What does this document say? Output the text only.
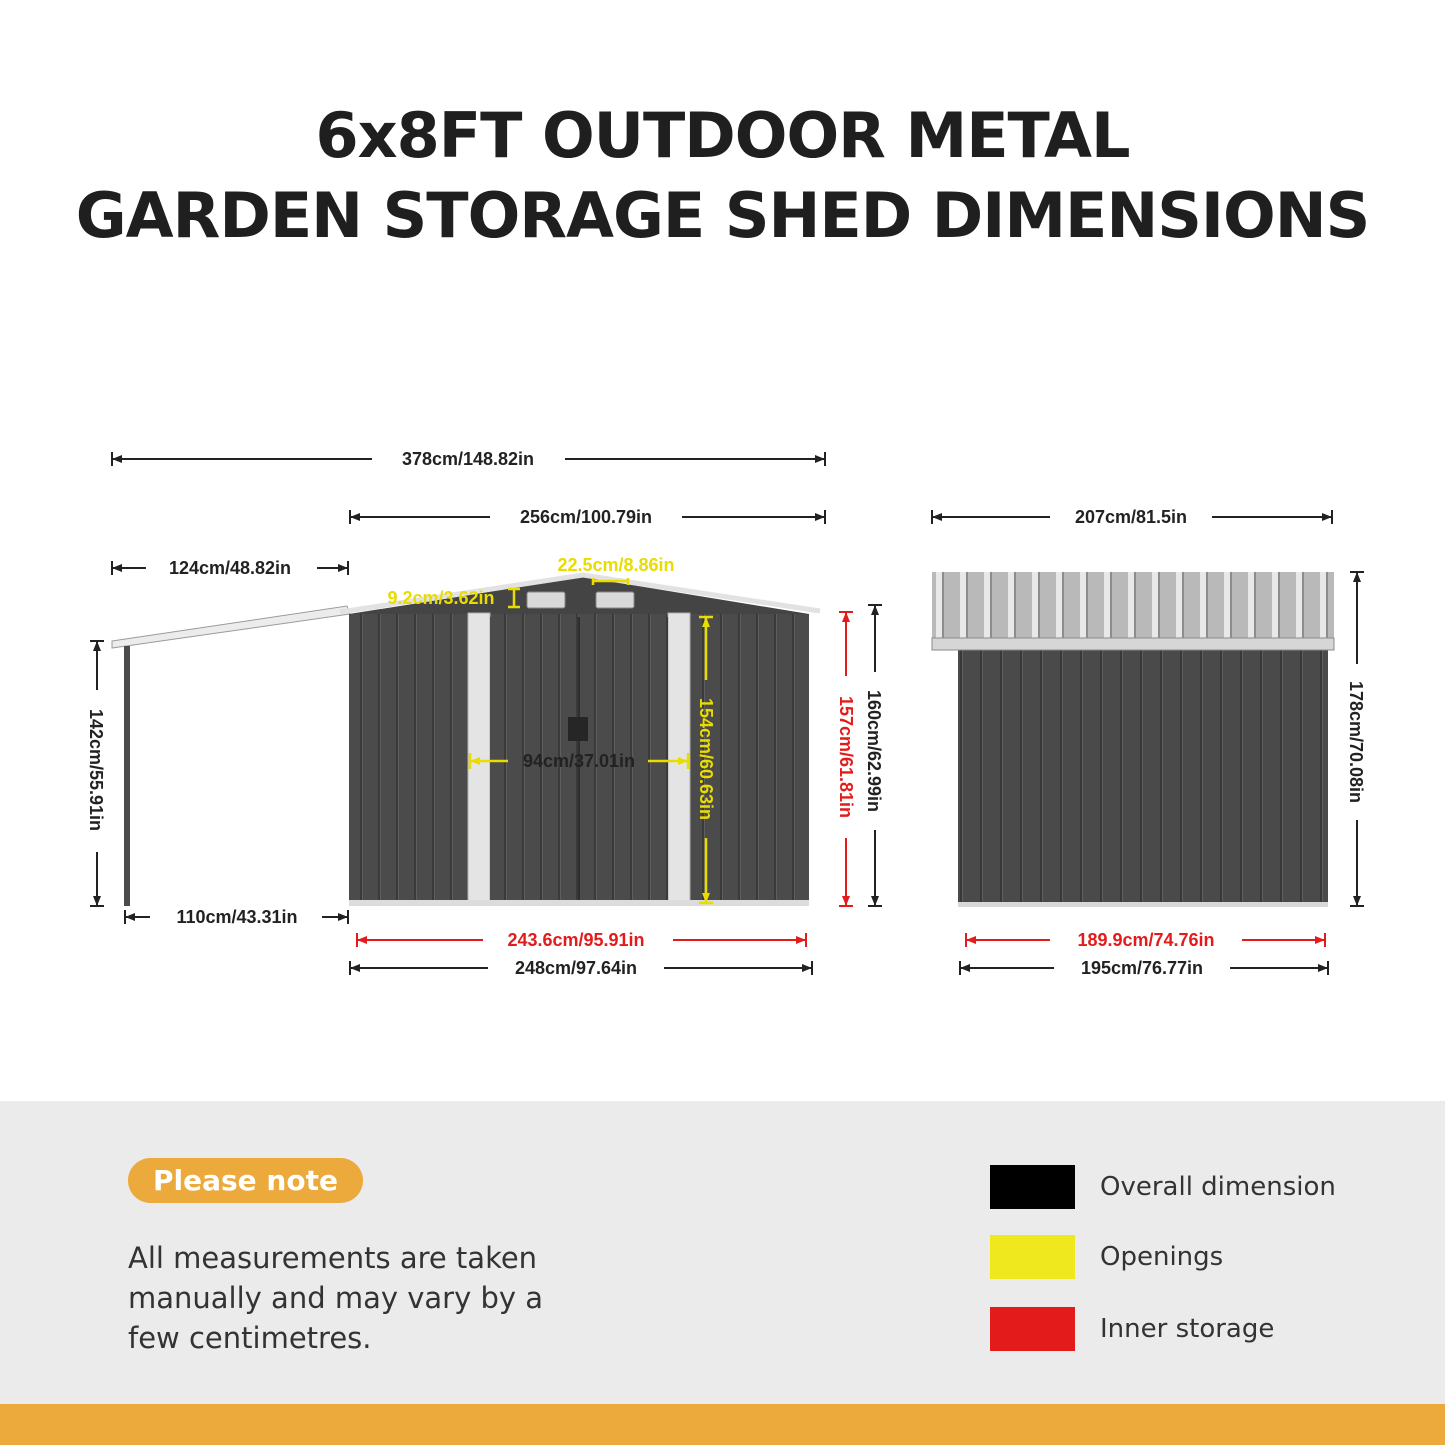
6x8FT OUTDOOR METAL
GARDEN STORAGE SHED DIMENSIONS
378cm/148.82in
256cm/100.79in
124cm/48.82in	22.5cm/8.86in
9.2cm/3.62in
142cm/55.91in
110cm/43.31in
94cm/37.01in	154cm/60.63in	157cm/61.81in 160cm/62.99in
243.6cm/95.91in
248cm/97.64in
207cm/81.5in
178cm/70.08in
189.9cm/74.76in
195cm/76.77in
Please note
All measurements are taken
manually and may vary by a
few centimetres.
Overall dimension
Openings
Inner storage
